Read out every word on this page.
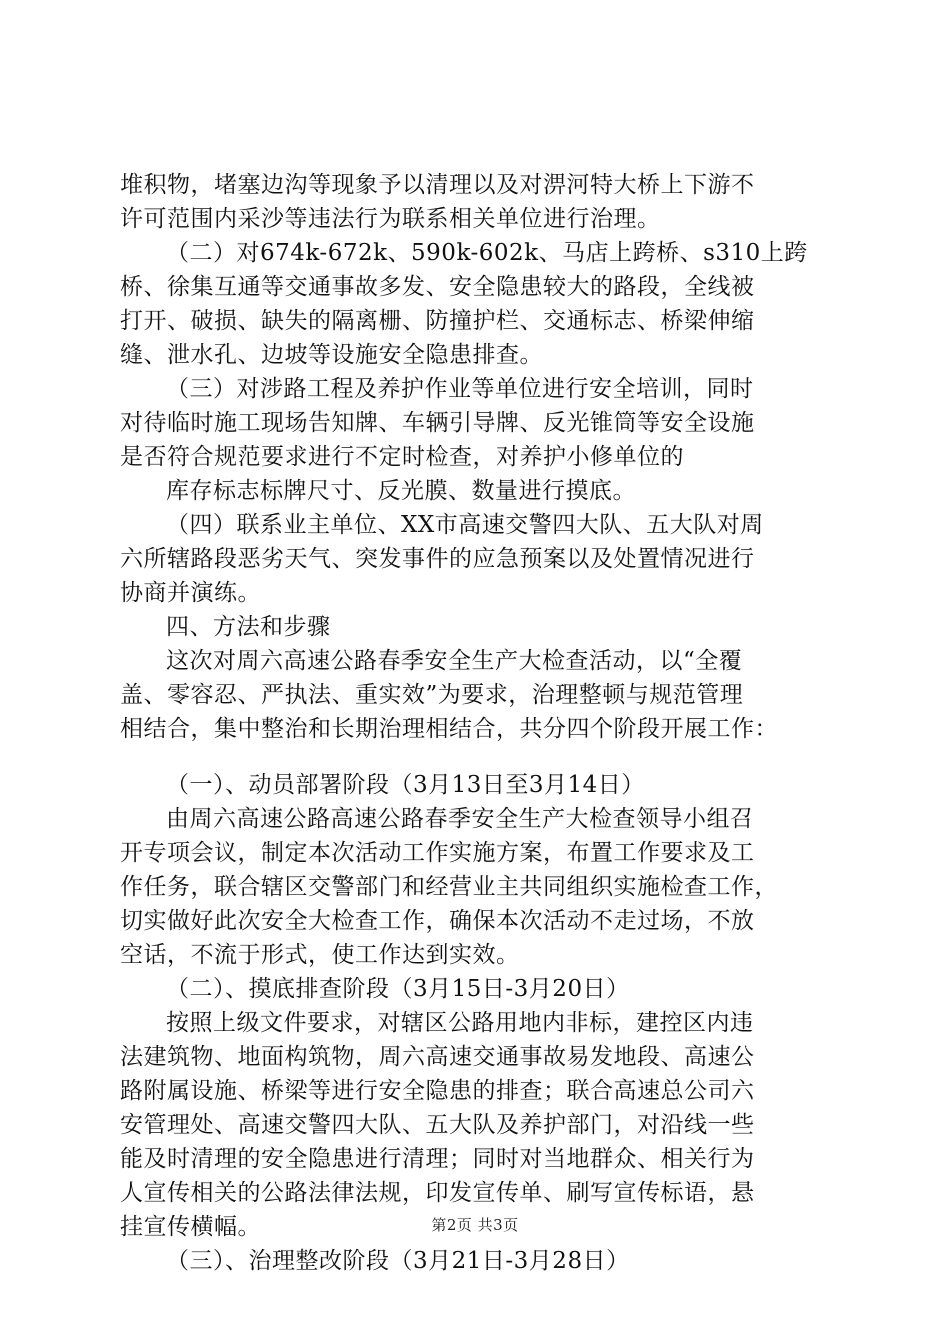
堆积物，堵塞边沟等现象予以清理以及对淠河特大桥上下游不
许可范围内采沙等违法行为联系相关单位进行治理。
（二）对674k-672k、590k-602k、马店上跨桥、s310上跨
桥、徐集互通等交通事故多发、安全隐患较大的路段，全线被
打开、破损、缺失的隔离栅、防撞护栏、交通标志、桥梁伸缩
缝、泄水孔、边坡等设施安全隐患排查。
（三）对涉路工程及养护作业等单位进行安全培训，同时
对待临时施工现场告知牌、车辆引导牌、反光锥筒等安全设施
是否符合规范要求进行不定时检查，对养护小修单位的
库存标志标牌尺寸、反光膜、数量进行摸底。
（四）联系业主单位、XX市高速交警四大队、五大队对周
六所辖路段恶劣天气、突发事件的应急预案以及处置情况进行
协商并演练。
四、方法和步骤
这次对周六高速公路春季安全生产大检查活动，以“全覆
盖、零容忍、严执法、重实效”为要求，治理整顿与规范管理
相结合，集中整治和长期治理相结合，共分四个阶段开展工作：
（一）、动员部署阶段（3月13日至3月14日）
由周六高速公路高速公路春季安全生产大检查领导小组召
开专项会议，制定本次活动工作实施方案，布置工作要求及工
作任务，联合辖区交警部门和经营业主共同组织实施检查工作，
切实做好此次安全大检查工作，确保本次活动不走过场，不放
空话，不流于形式，使工作达到实效。
（二）、摸底排查阶段（3月15日-3月20日）
按照上级文件要求，对辖区公路用地内非标，建控区内违
法建筑物、地面构筑物，周六高速交通事故易发地段、高速公
路附属设施、桥梁等进行安全隐患的排查；联合高速总公司六
安管理处、高速交警四大队、五大队及养护部门，对沿线一些
能及时清理的安全隐患进行清理；同时对当地群众、相关行为
人宣传相关的公路法律法规，印发宣传单、刷写宣传标语，悬
挂宣传横幅。
（三）、治理整改阶段（3月21日-3月28日）
第2页 共3页
